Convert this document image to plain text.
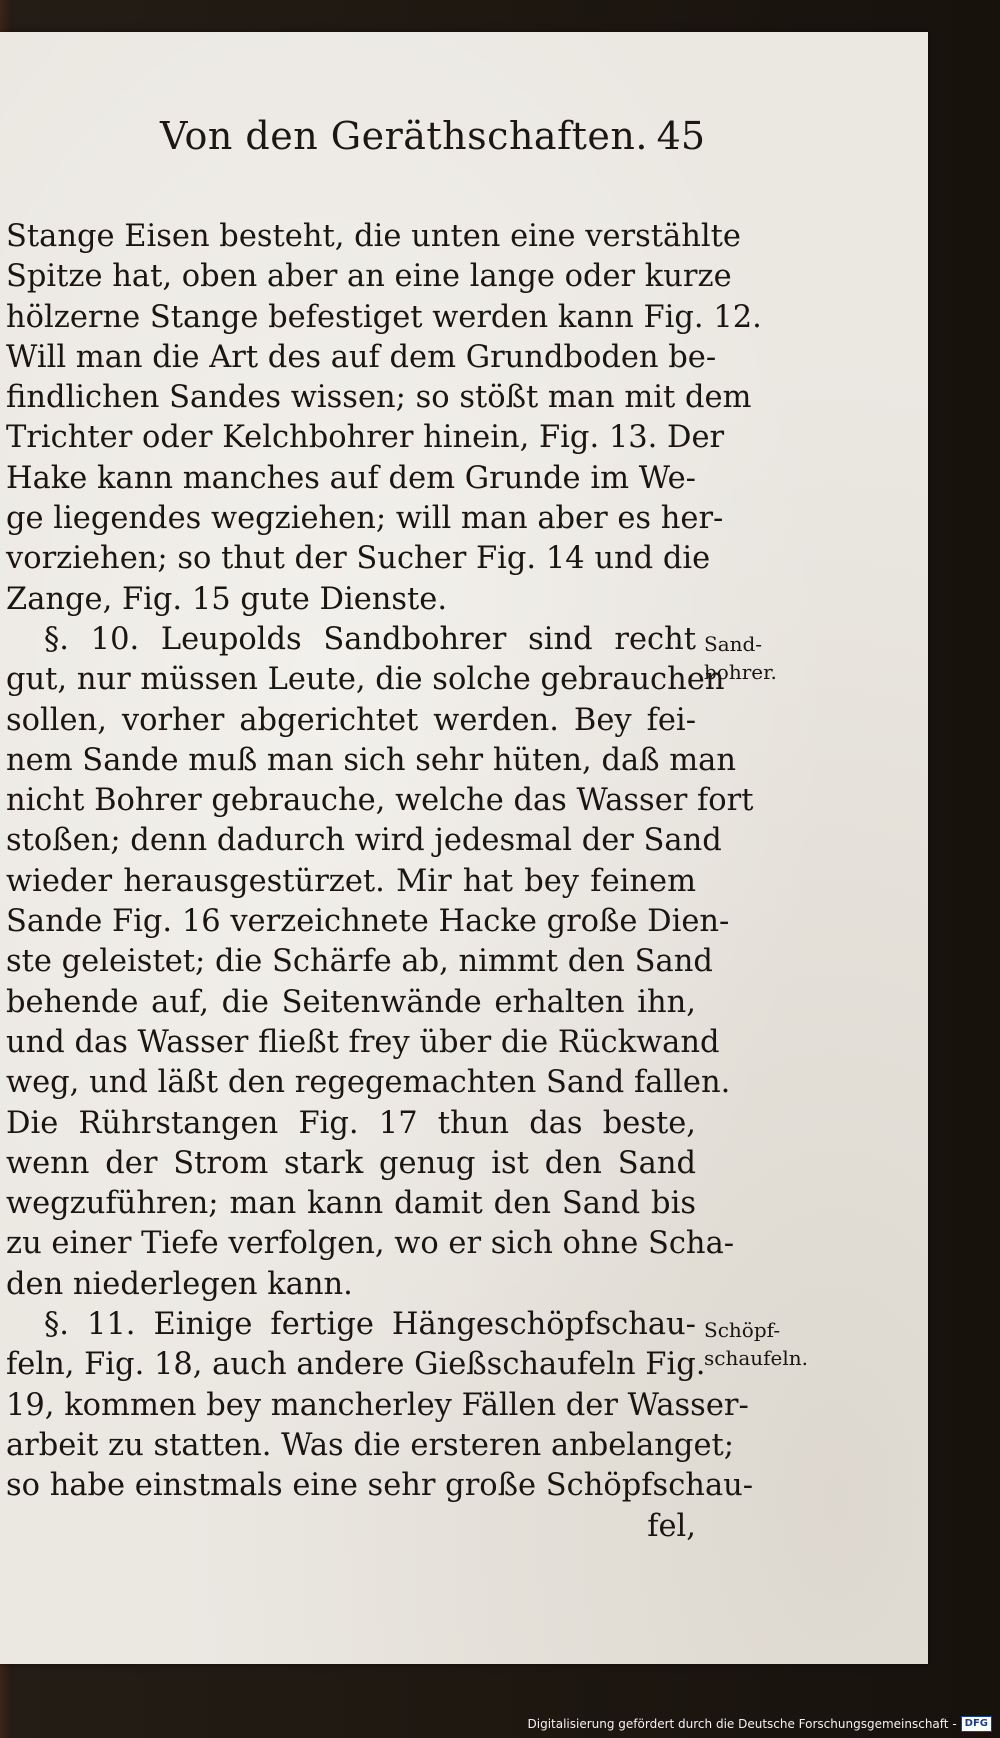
Von den Geräthschaften. 45
Stange Eisen besteht, die unten eine verstählte
Spitze hat, oben aber an eine lange oder kurze
hölzerne Stange befestiget werden kann Fig. 12.
Will man die Art des auf dem Grundboden be-
findlichen Sandes wissen; so stößt man mit dem
Trichter oder Kelchbohrer hinein, Fig. 13. Der
Hake kann manches auf dem Grunde im We-
ge liegendes wegziehen; will man aber es her-
vorziehen; so thut der Sucher Fig. 14 und die
Zange, Fig. 15 gute Dienste.
§. 10. Leupolds Sandbohrer sind recht
gut, nur müssen Leute, die solche gebrauchen
sollen, vorher abgerichtet werden. Bey fei-
nem Sande muß man sich sehr hüten, daß man
nicht Bohrer gebrauche, welche das Wasser fort
stoßen; denn dadurch wird jedesmal der Sand
wieder herausgestürzet. Mir hat bey feinem
Sande Fig. 16 verzeichnete Hacke große Dien-
ste geleistet; die Schärfe ab, nimmt den Sand
behende auf, die Seitenwände erhalten ihn,
und das Wasser fließt frey über die Rückwand
weg, und läßt den regegemachten Sand fallen.
Die Rührstangen Fig. 17 thun das beste,
wenn der Strom stark genug ist den Sand
wegzuführen; man kann damit den Sand bis
zu einer Tiefe verfolgen, wo er sich ohne Scha-
den niederlegen kann.
§. 11. Einige fertige Hängeschöpfschau-
feln, Fig. 18, auch andere Gießschaufeln Fig.
19, kommen bey mancherley Fällen der Wasser-
arbeit zu statten. Was die ersteren anbelanget;
so habe einstmals eine sehr große Schöpfschau-
fel,
Sand-
bohrer.
Schöpf-
schaufeln.
Digitalisierung gefördert durch die Deutsche Forschungsgemeinschaft - DFG
